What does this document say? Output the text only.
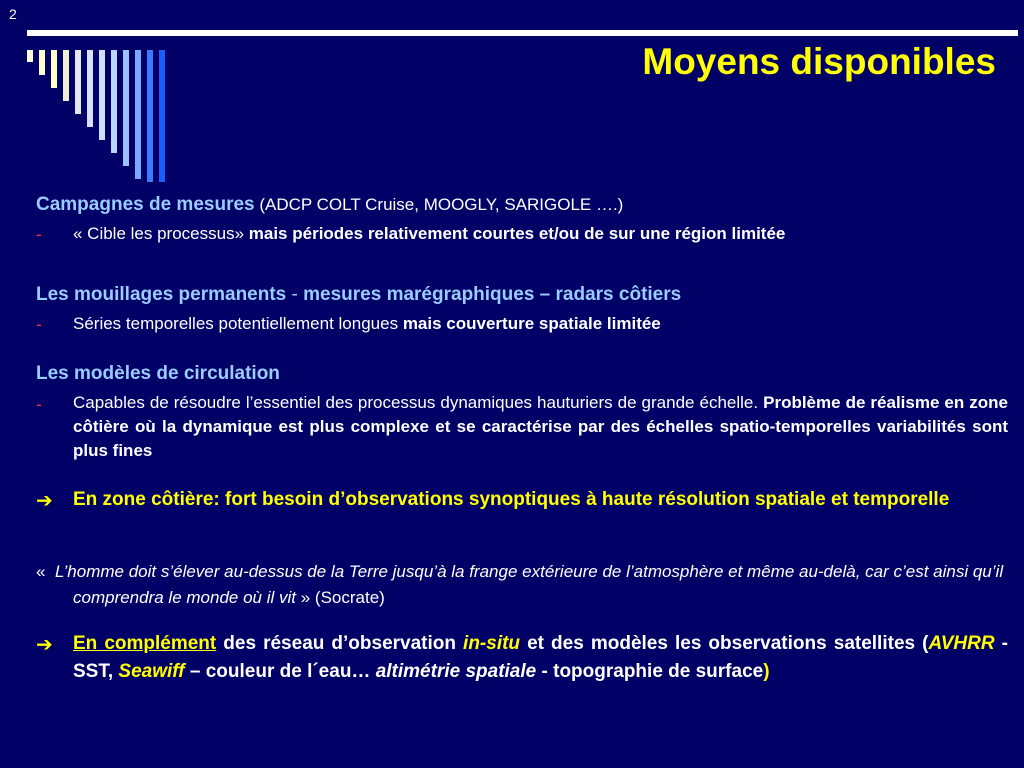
2
Moyens disponibles
Campagnes de mesures (ADCP COLT Cruise, MOOGLY, SARIGOLE ….)
- « Cible les processus» mais périodes relativement courtes et/ou de sur une région limitée
Les mouillages permanents - mesures marégraphiques – radars côtiers
- Séries temporelles potentiellement longues mais couverture spatiale limitée
Les modèles de circulation
- Capables de résoudre l’essentiel des processus dynamiques hauturiers de grande échelle. Problème de réalisme en zone côtière où la dynamique est plus complexe et se caractérise par des échelles spatio-temporelles variabilités sont plus fines
➔ En zone côtière: fort besoin d’observations synoptiques à haute résolution spatiale et temporelle
« L’homme doit s’élever au-dessus de la Terre jusqu’à la frange extérieure de l’atmosphère et même au-delà, car c’est ainsi qu’il comprendra le monde où il vit » (Socrate)
➔ En complément des réseau d’observation in-situ et des modèles les observations satellites (AVHRR - SST, Seawiff – couleur de l´eau… altimétrie spatiale - topographie de surface)
